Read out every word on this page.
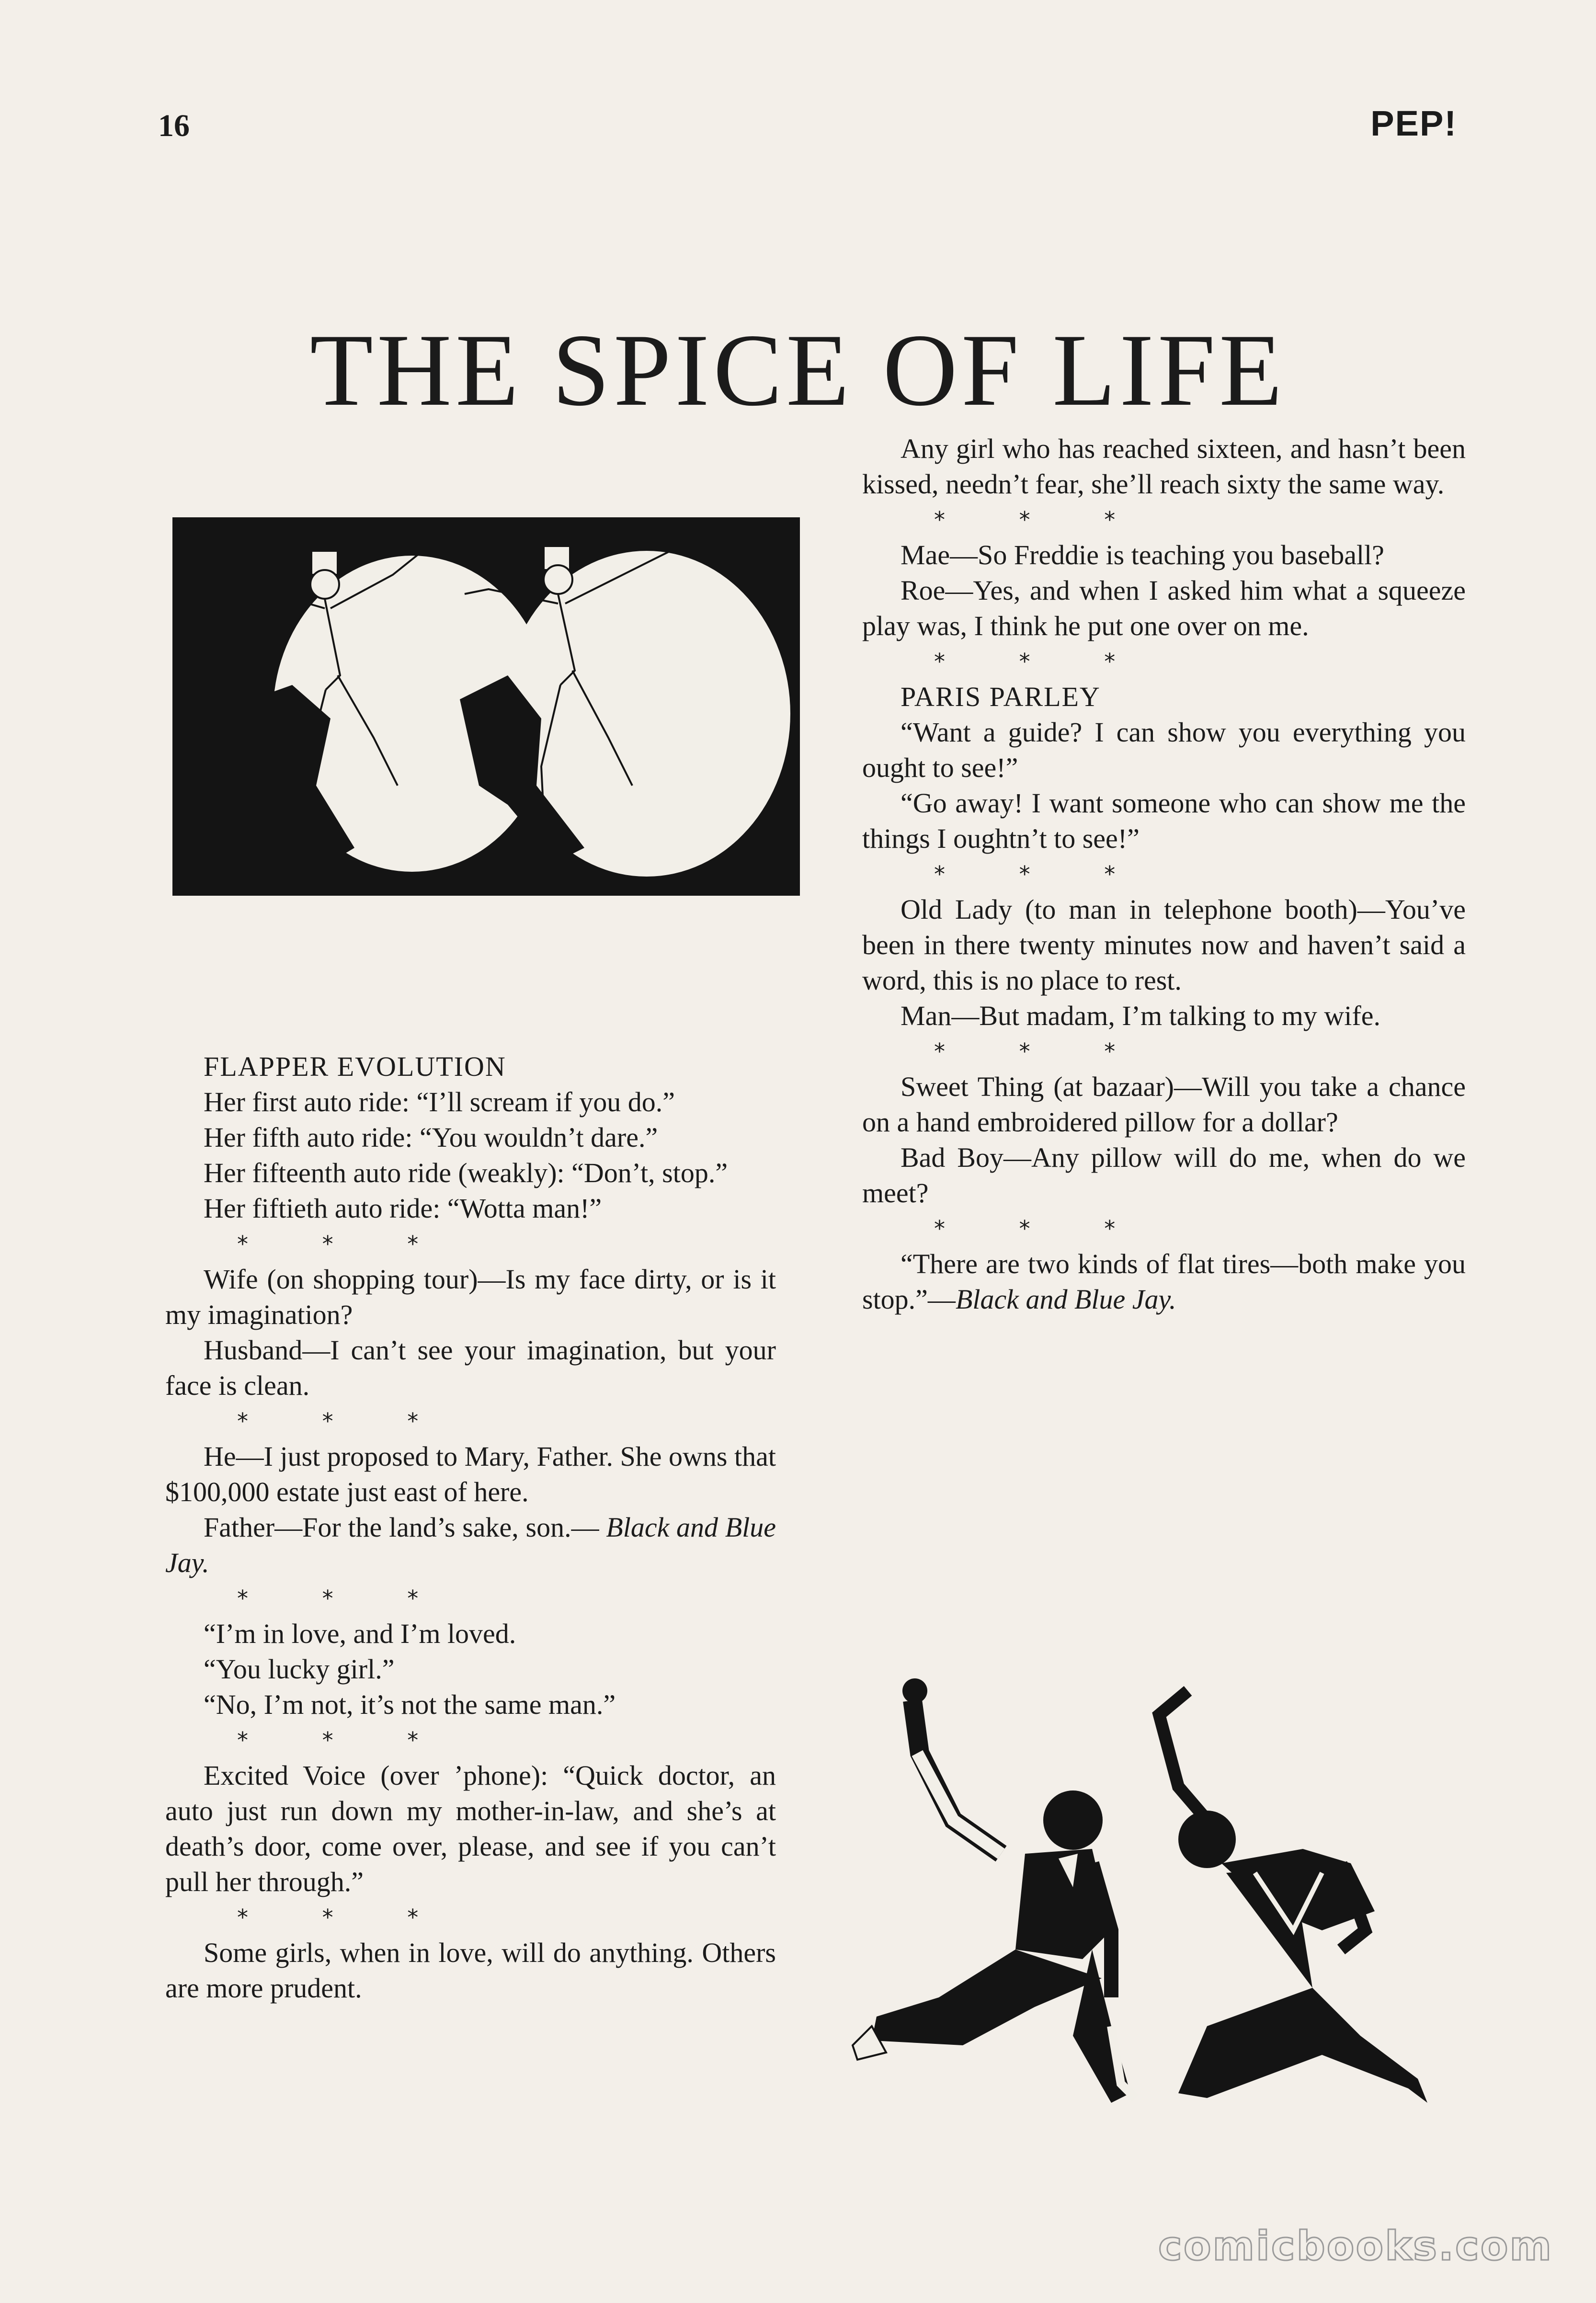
16	PEP!
THE SPICE OF LIFE

FLAPPER EVOLUTION

Her first auto ride: “I’ll scream if you do.”

Her fifth auto ride: “You wouldn’t dare.”

Her fifteenth auto ride (weakly): “Don’t, stop.”

Her fiftieth auto ride: “Wotta man!”

* * *

Wife (on shopping tour)—Is my face dirty, or is it my imagination?

Husband—I can’t see your imagination, but your face is clean.

* * *

He—I just proposed to Mary, Father. She owns that $100,000 estate just east of here.

Father—For the land’s sake, son.— Black and Blue Jay.

* * *

“I’m in love, and I’m loved.

“You lucky girl.”

“No, I’m not, it’s not the same man.”

* * *

Excited Voice (over ’phone): “Quick doctor, an auto just run down my mother-in-law, and she’s at death’s door, come over, please, and see if you can’t pull her through.”

* * *

Some girls, when in love, will do anything. Others are more prudent.

Any girl who has reached sixteen, and hasn’t been kissed, needn’t fear, she’ll reach sixty the same way.

* * *

Mae—So Freddie is teaching you baseball?

Roe—Yes, and when I asked him what a squeeze play was, I think he put one over on me.

* * *

PARIS PARLEY

“Want a guide? I can show you everything you ought to see!”

“Go away! I want someone who can show me the things I oughtn’t to see!”

* * *

Old Lady (to man in telephone booth)—You’ve been in there twenty minutes now and haven’t said a word, this is no place to rest.

Man—But madam, I’m talking to my wife.

* * *

Sweet Thing (at bazaar)—Will you take a chance on a hand embroidered pillow for a dollar?

Bad Boy—Any pillow will do me, when do we meet?

* * *

“There are two kinds of flat tires—both make you stop.”—Black and Blue Jay.

comicbooks.com
